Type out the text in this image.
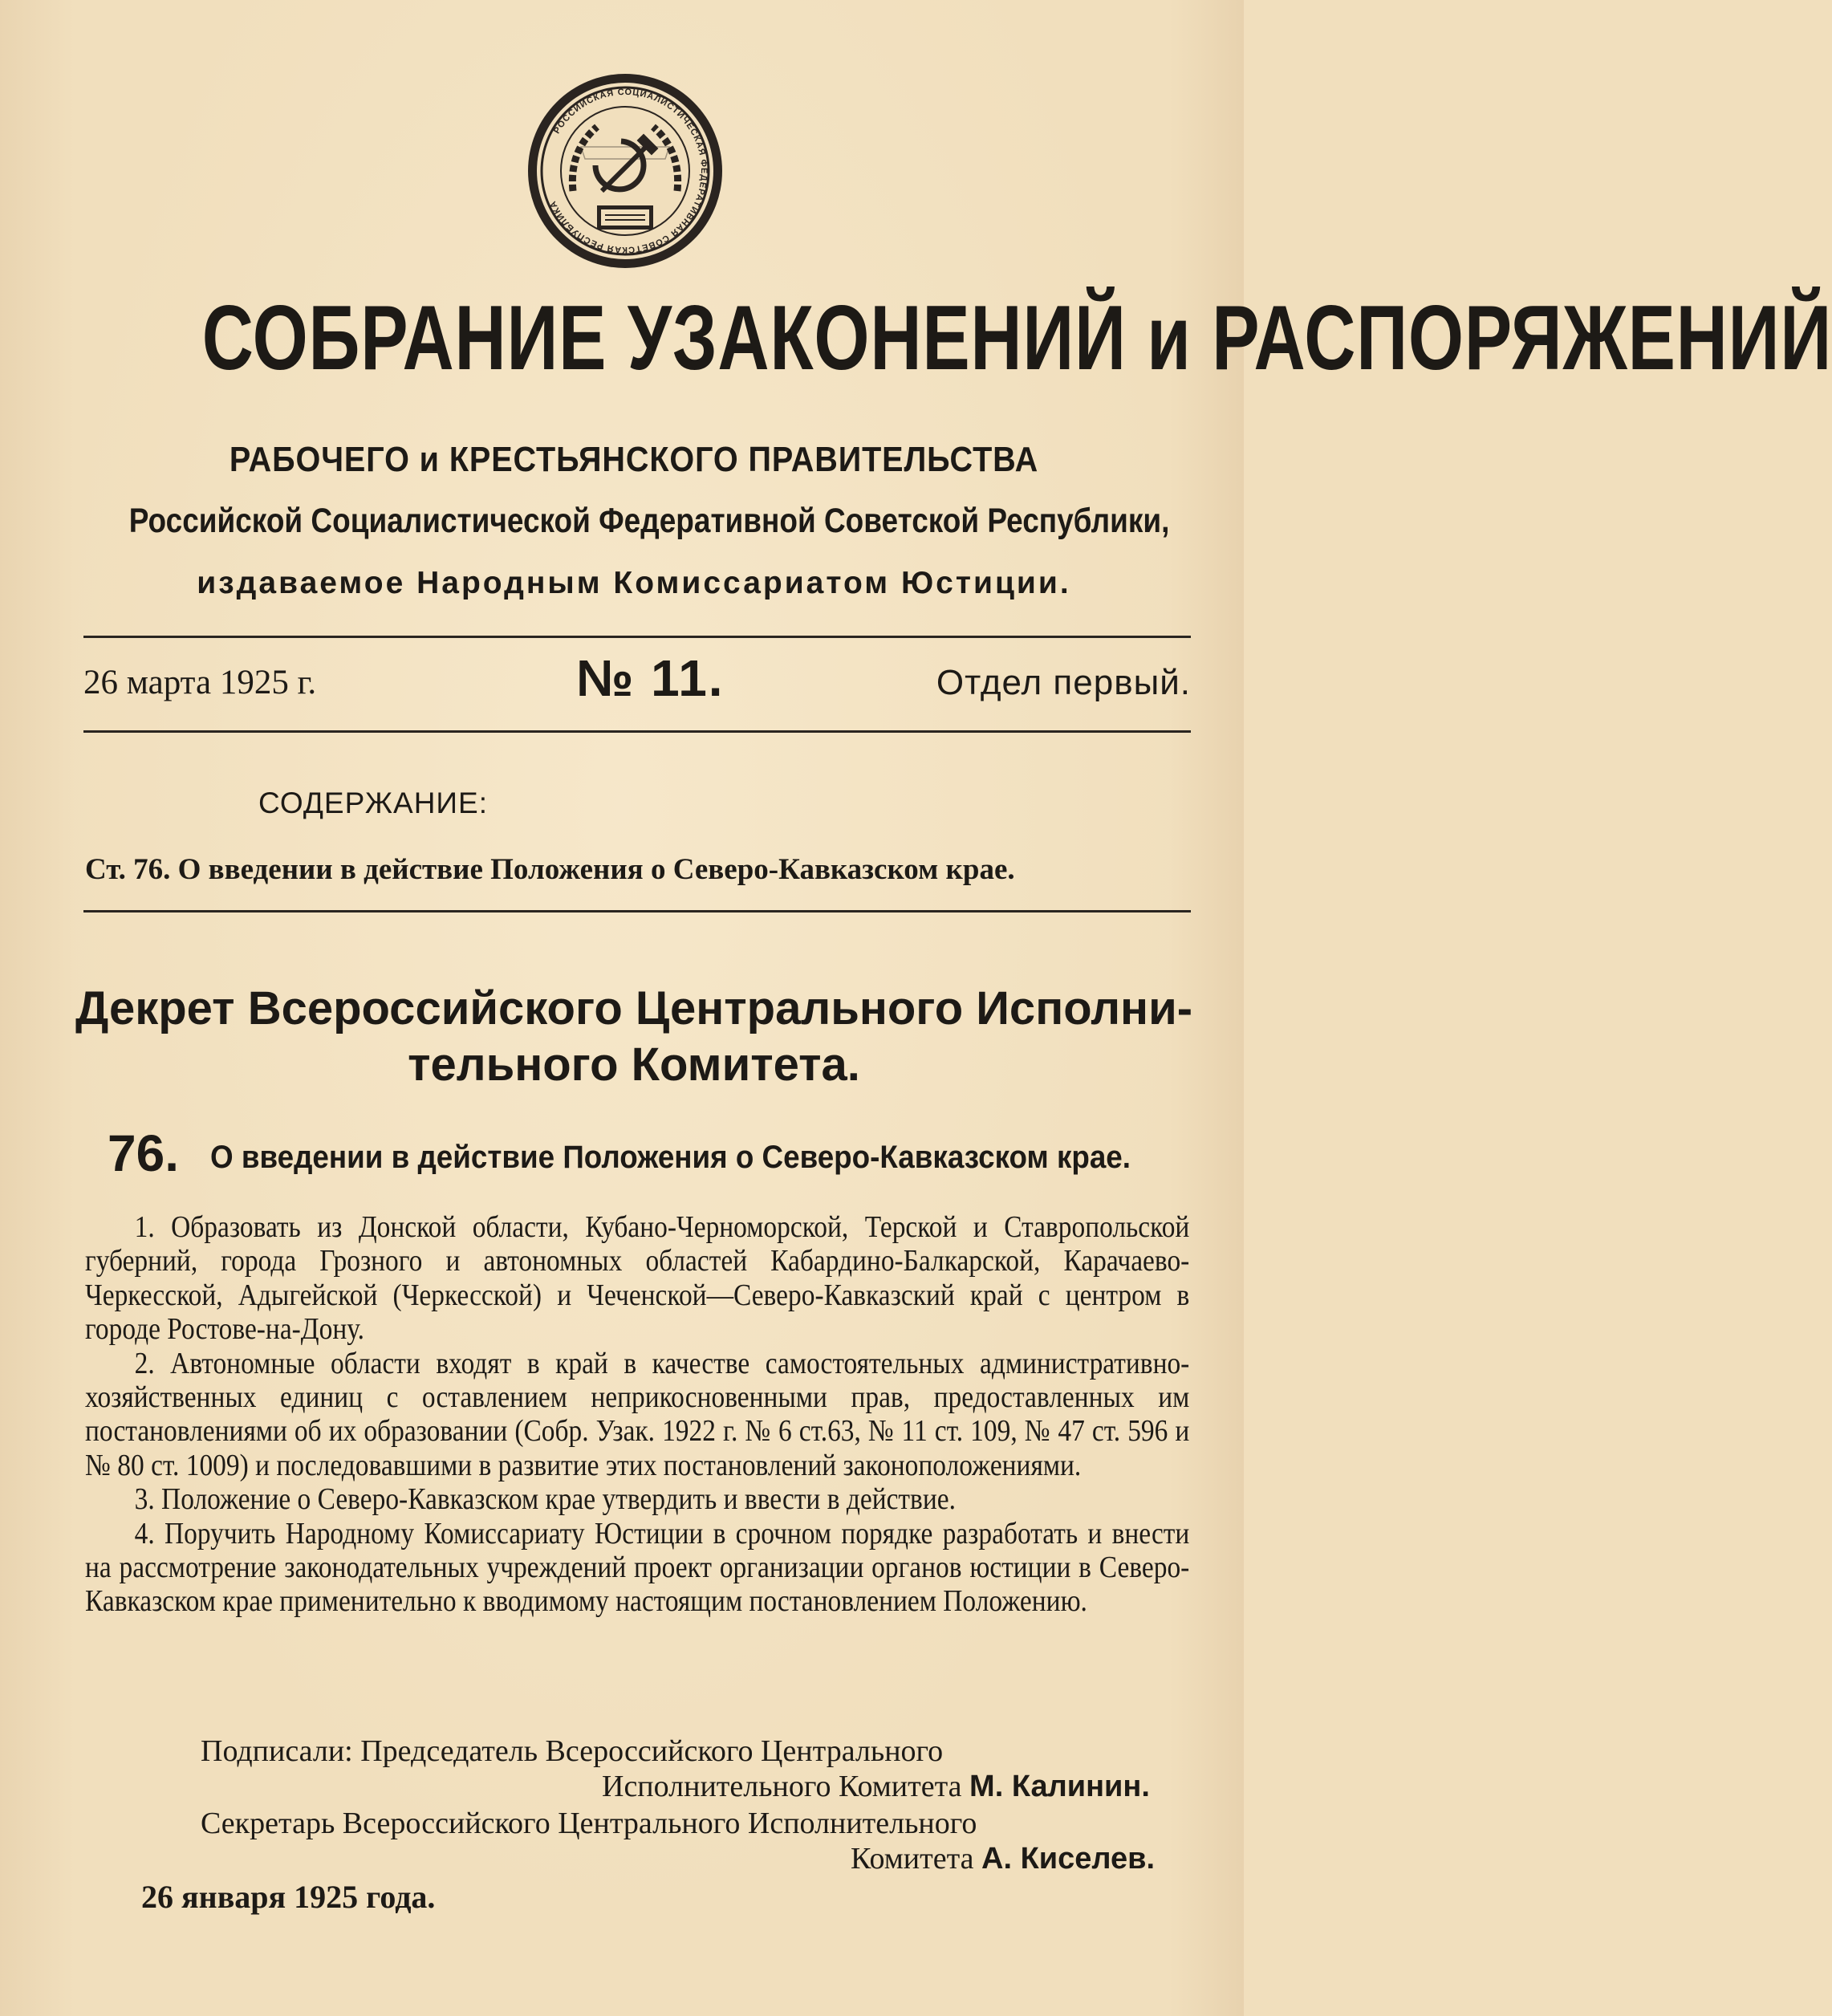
РОССИЙСКАЯ СОЦИАЛИСТИЧЕСКАЯ ФЕДЕРАТИВНАЯ СОВЕТСКАЯ РЕСПУБЛИКА
СОБРАНИЕ УЗАКОНЕНИЙ и РАСПОРЯЖЕНИЙ
РАБОЧЕГО и КРЕСТЬЯНСКОГО ПРАВИТЕЛЬСТВА
Российской Социалистической Федеративной Советской Республики,
издаваемое Народным Комиссариатом Юстиции.
26 марта 1925 г.	№ 11.	Отдел первый.
СОДЕРЖАНИЕ:
Ст. 76. О введении в действие Положения о Северо-Кавказском крае.
Декрет Всероссийского Центрального Исполни-
тельного Комитета.
76. О введении в действие Положения о Северо-Кавказском крае.

1. Образовать из Донской области, Кубано-Черноморской, Терской и Ставропольской губерний, города Грозного и автономных областей Кабардино-Балкарской, Карачаево-Черкесской, Адыгейской (Черкесской) и Чеченской—Северо-Кавказский край с центром в городе Ростове-на-Дону.

2. Автономные области входят в край в качестве самостоятельных административно-хозяйственных единиц с оставлением неприкосновенными прав, предоставленных им постановлениями об их образовании (Собр. Узак. 1922 г. № 6 ст.63, № 11 ст. 109, № 47 ст. 596 и № 80 ст. 1009) и последовавшими в развитие этих постановлений законоположениями.

3. Положение о Северо-Кавказском крае утвердить и ввести в действие.

4. Поручить Народному Комиссариату Юстиции в срочном порядке разработать и внести на рассмотрение законодательных учреждений проект организации органов юстиции в Северо-Кавказском крае применительно к вводимому настоящим постановлением Положению.

Подписали: Председатель Всероссийского Центрального
Исполнительного Комитета М. Калинин.
Секретарь Всероссийского Центрального Исполнительного
Комитета А. Киселев.
26 января 1925 года.
